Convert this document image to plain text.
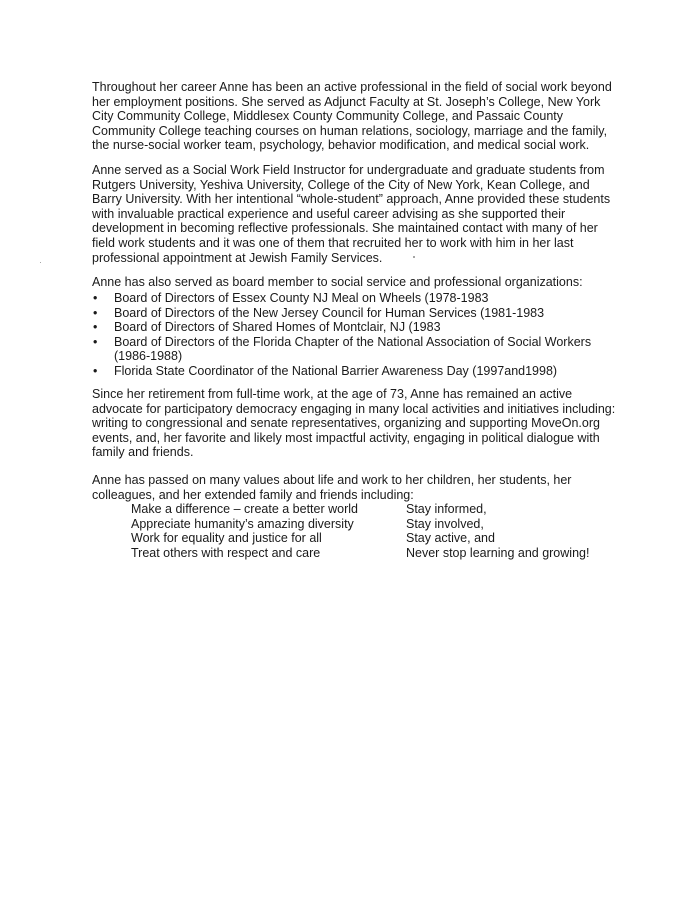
Throughout her career Anne has been an active professional in the field of social work beyond
her employment positions. She served as Adjunct Faculty at St. Joseph’s College, New York
City Community College, Middlesex County Community College, and Passaic County
Community College teaching courses on human relations, sociology, marriage and the family,
the nurse-social worker team, psychology, behavior modification, and medical social work.
Anne served as a Social Work Field Instructor for undergraduate and graduate students from
Rutgers University, Yeshiva University, College of the City of New York, Kean College, and
Barry University. With her intentional “whole-student” approach, Anne provided these students
with invaluable practical experience and useful career advising as she supported their
development in becoming reflective professionals. She maintained contact with many of her
field work students and it was one of them that recruited her to work with him in her last
professional appointment at Jewish Family Services.
Anne has also served as board member to social service and professional organizations:
• Board of Directors of Essex County NJ Meal on Wheels (1978-1983
• Board of Directors of the New Jersey Council for Human Services (1981-1983
• Board of Directors of Shared Homes of Montclair, NJ (1983
• Board of Directors of the Florida Chapter of the National Association of Social Workers
(1986-1988)
• Florida State Coordinator of the National Barrier Awareness Day (1997and1998)
Since her retirement from full-time work, at the age of 73, Anne has remained an active
advocate for participatory democracy engaging in many local activities and initiatives including:
writing to congressional and senate representatives, organizing and supporting MoveOn.org
events, and, her favorite and likely most impactful activity, engaging in political dialogue with
family and friends.
Anne has passed on many values about life and work to her children, her students, her
colleagues, and her extended family and friends including:
Make a difference – create a better world
Appreciate humanity’s amazing diversity
Work for equality and justice for all
Treat others with respect and care
Stay informed,
Stay involved,
Stay active, and
Never stop learning and growing!
